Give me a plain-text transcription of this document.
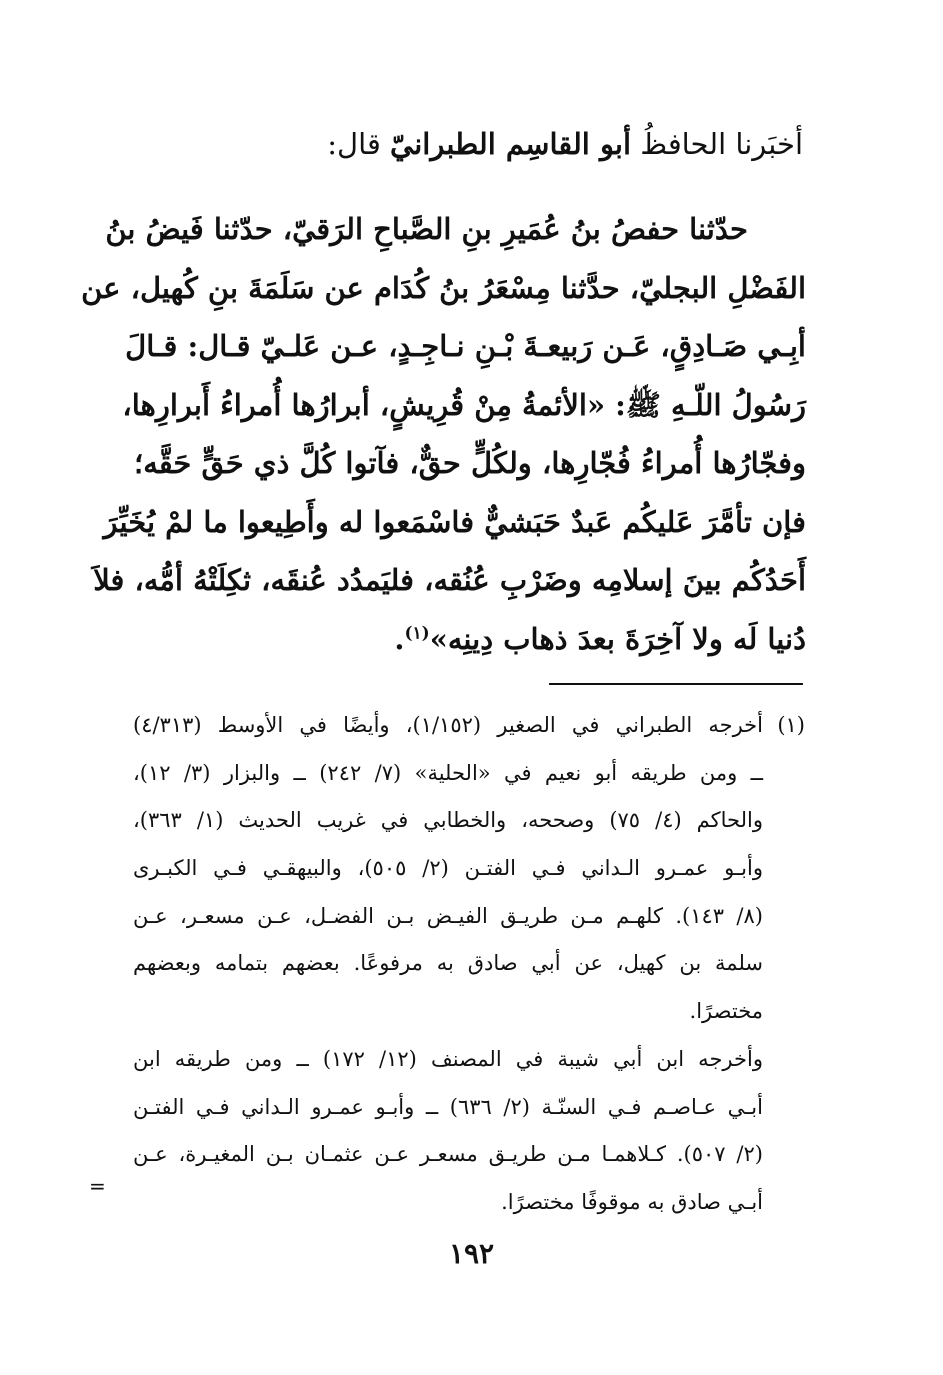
أخبَرنا الحافظُ أبو القاسِم الطبرانيّ قال:
حدّثنا حفصُ بنُ عُمَيرِ بنِ الصَّباحِ الرَقيّ، حدّثنا فَيضُ بنُ
الفَضْلِ البجليّ، حدَّثنا مِسْعَرُ بنُ كُدَام عن سَلَمَةَ بنِ كُهيل، عن
أبِـي صَـادِقٍ، عَـن رَبيعـةَ بْـنِ نـاجِـدٍ، عـن عَلـيّ قـال: قـالَ
رَسُولُ اللّـهِ ﷺ: «الأئمةُ مِنْ قُرِيشٍ، أبرارُها أُمراءُ أَبرارِها،
وفجّارُها أُمراءُ فُجّارِها، ولكُلٍّ حقٌّ، فآتوا كُلَّ ذي حَقٍّ حَقَّه؛
فإن تأمَّرَ عَليكُم عَبدٌ حَبَشيٌّ فاسْمَعوا له وأَطِيعوا ما لمْ يُخَيِّرَ
أَحَدُكُم بينَ إسلامِه وضَرْبِ عُنُقه، فليَمدُد عُنقَه، ثكِلَتْهُ أمُّه، فلاَ
دُنيا لَه ولا آخِرَةَ بعدَ ذهاب دِينِه»$^{(١)}$.
(١)أخرجه الطبراني في الصغير (١/١٥٢)، وأيضًا في الأوسط (٤/٣١٣)
ــ ومن طريقه أبو نعيم في «الحلية» (٧/ ٢٤٢) ــ والبزار (٣/ ١٢)،
والحاكم (٤/ ٧٥) وصححه، والخطابي في غريب الحديث (١/ ٣٦٣)،
وأبـو عمـرو الـداني فـي الفتـن (٢/ ٥٠٥)، والبيهقـي فـي الكبـرى
(٨/ ١٤٣). كلهـم مـن طريـق الفيـض بـن الفضـل، عـن مسعـر، عـن
سلمة بن كهيل، عن أبي صادق به مرفوعًا. بعضهم بتمامه وبعضهم
مختصرًا.
وأخرجه ابن أبي شيبة في المصنف (١٢/ ١٧٢) ــ ومن طريقه ابن
أبـي عـاصـم فـي السنّـة (٢/ ٦٣٦) ــ وأبـو عمـرو الـداني فـي الفتـن
(٢/ ٥٠٧). كـلاهمـا مـن طريـق مسعـر عـن عثمـان بـن المغيـرة، عـن
أبـي صادق به موقوفًا مختصرًا.
=
١٩٢
